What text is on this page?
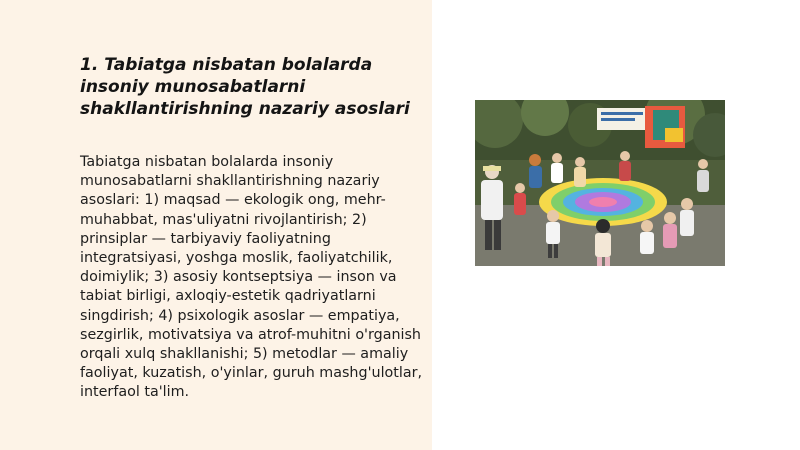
1. Tabiatga nisbatan bolalarda insoniy munosabatlarni shakllantirishning nazariy asoslari

Tabiatga nisbatan bolalarda insoniy munosabatlarni shakllantirishning nazariy asoslari: 1) maqsad — ekologik ong, mehr-muhabbat, mas'uliyatni rivojlantirish; 2) prinsiplar — tarbiyaviy faoliyatning integratsiyasi, yoshga moslik, faoliyatchilik, doimiylik; 3) asosiy kontseptsiya — inson va tabiat birligi, axloqiy-estetik qadriyatlarni singdirish; 4) psixologik asoslar — empatiya, sezgirlik, motivatsiya va atrof-muhitni o'rganish orqali xulq shakllanishi; 5) metodlar — amaliy faoliyat, kuzatish, o'yinlar, guruh mashg'ulotlar, interfaol ta'lim.
